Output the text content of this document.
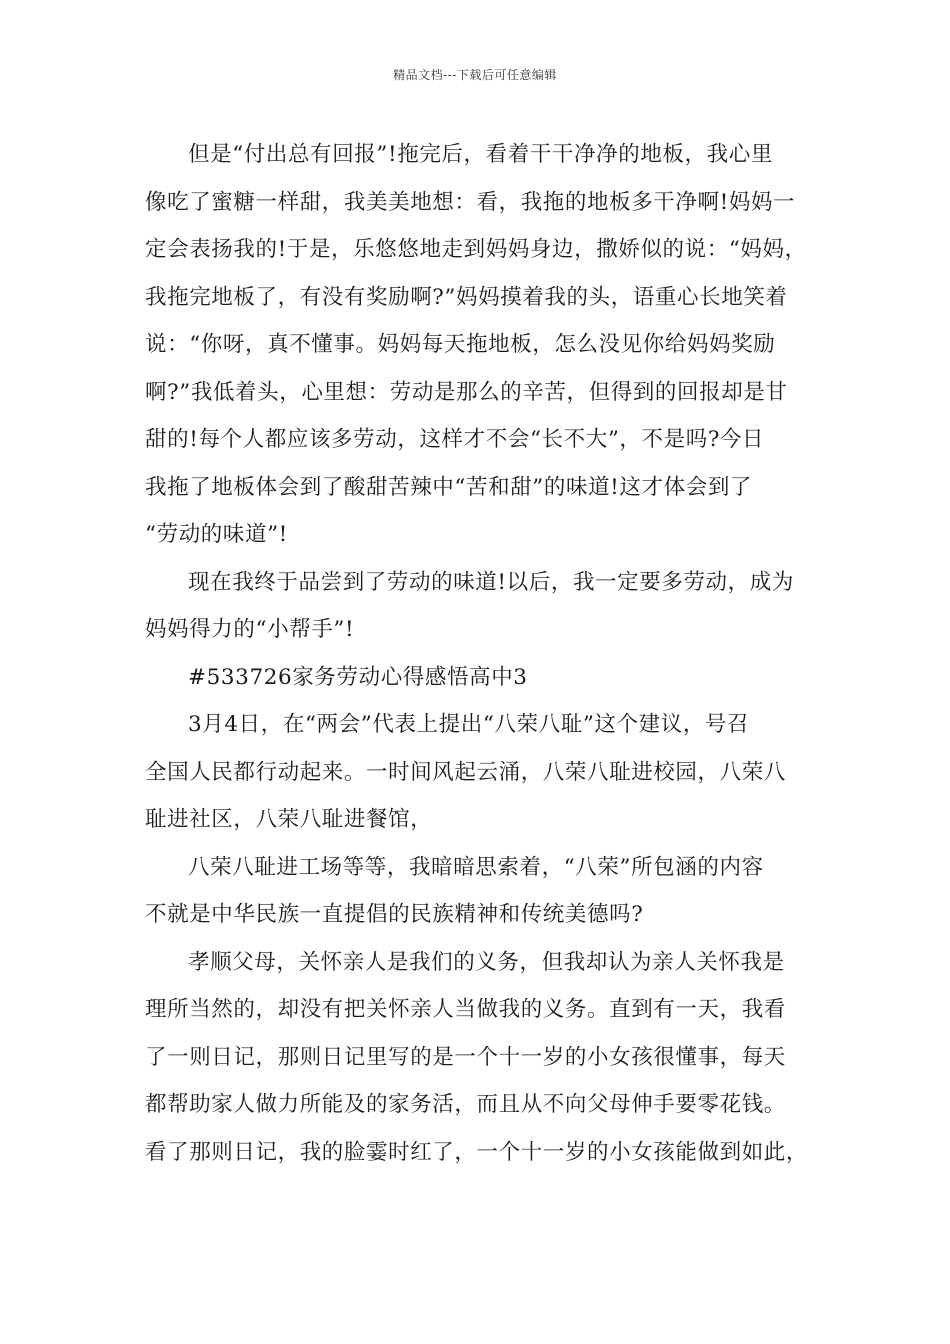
精品文档---下载后可任意编辑
但是“付出总有回报”!拖完后，看着干干净净的地板，我心里
像吃了蜜糖一样甜，我美美地想：看，我拖的地板多干净啊!妈妈一
定会表扬我的!于是，乐悠悠地走到妈妈身边，撒娇似的说：“妈妈，
我拖完地板了，有没有奖励啊?”妈妈摸着我的头，语重心长地笑着
说：“你呀，真不懂事。妈妈每天拖地板，怎么没见你给妈妈奖励
啊?”我低着头，心里想：劳动是那么的辛苦，但得到的回报却是甘
甜的!每个人都应该多劳动，这样才不会“长不大”，不是吗?今日
我拖了地板体会到了酸甜苦辣中“苦和甜”的味道!这才体会到了
“劳动的味道”!
现在我终于品尝到了劳动的味道!以后，我一定要多劳动，成为
妈妈得力的“小帮手”!
#533726家务劳动心得感悟高中3
3月4日，在“两会”代表上提出“八荣八耻”这个建议，号召
全国人民都行动起来。一时间风起云涌，八荣八耻进校园，八荣八
耻进社区，八荣八耻进餐馆，
八荣八耻进工场等等，我暗暗思索着，“八荣”所包涵的内容
不就是中华民族一直提倡的民族精神和传统美德吗?
孝顺父母，关怀亲人是我们的义务，但我却认为亲人关怀我是
理所当然的，却没有把关怀亲人当做我的义务。直到有一天，我看
了一则日记，那则日记里写的是一个十一岁的小女孩很懂事，每天
都帮助家人做力所能及的家务活，而且从不向父母伸手要零花钱。
看了那则日记，我的脸霎时红了，一个十一岁的小女孩能做到如此，
